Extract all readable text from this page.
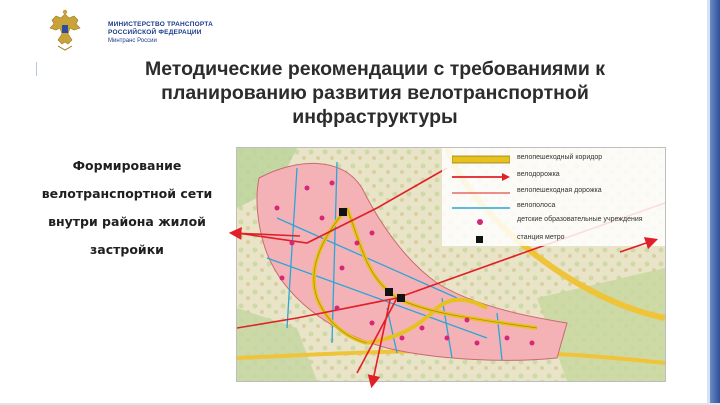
МИНИСТЕРСТВО ТРАНСПОРТА
РОССИЙСКОЙ ФЕДЕРАЦИИ
Минтранс России
Методические рекомендации с требованиями к
планированию развития велотранспортной
инфраструктуры
Формирование
велотранспортной сети
внутри района жилой
застройки
велопешеходный коридор
велодорожка
велопешеходная дорожка
велополоса
детские образовательные учреждения
станция метро
